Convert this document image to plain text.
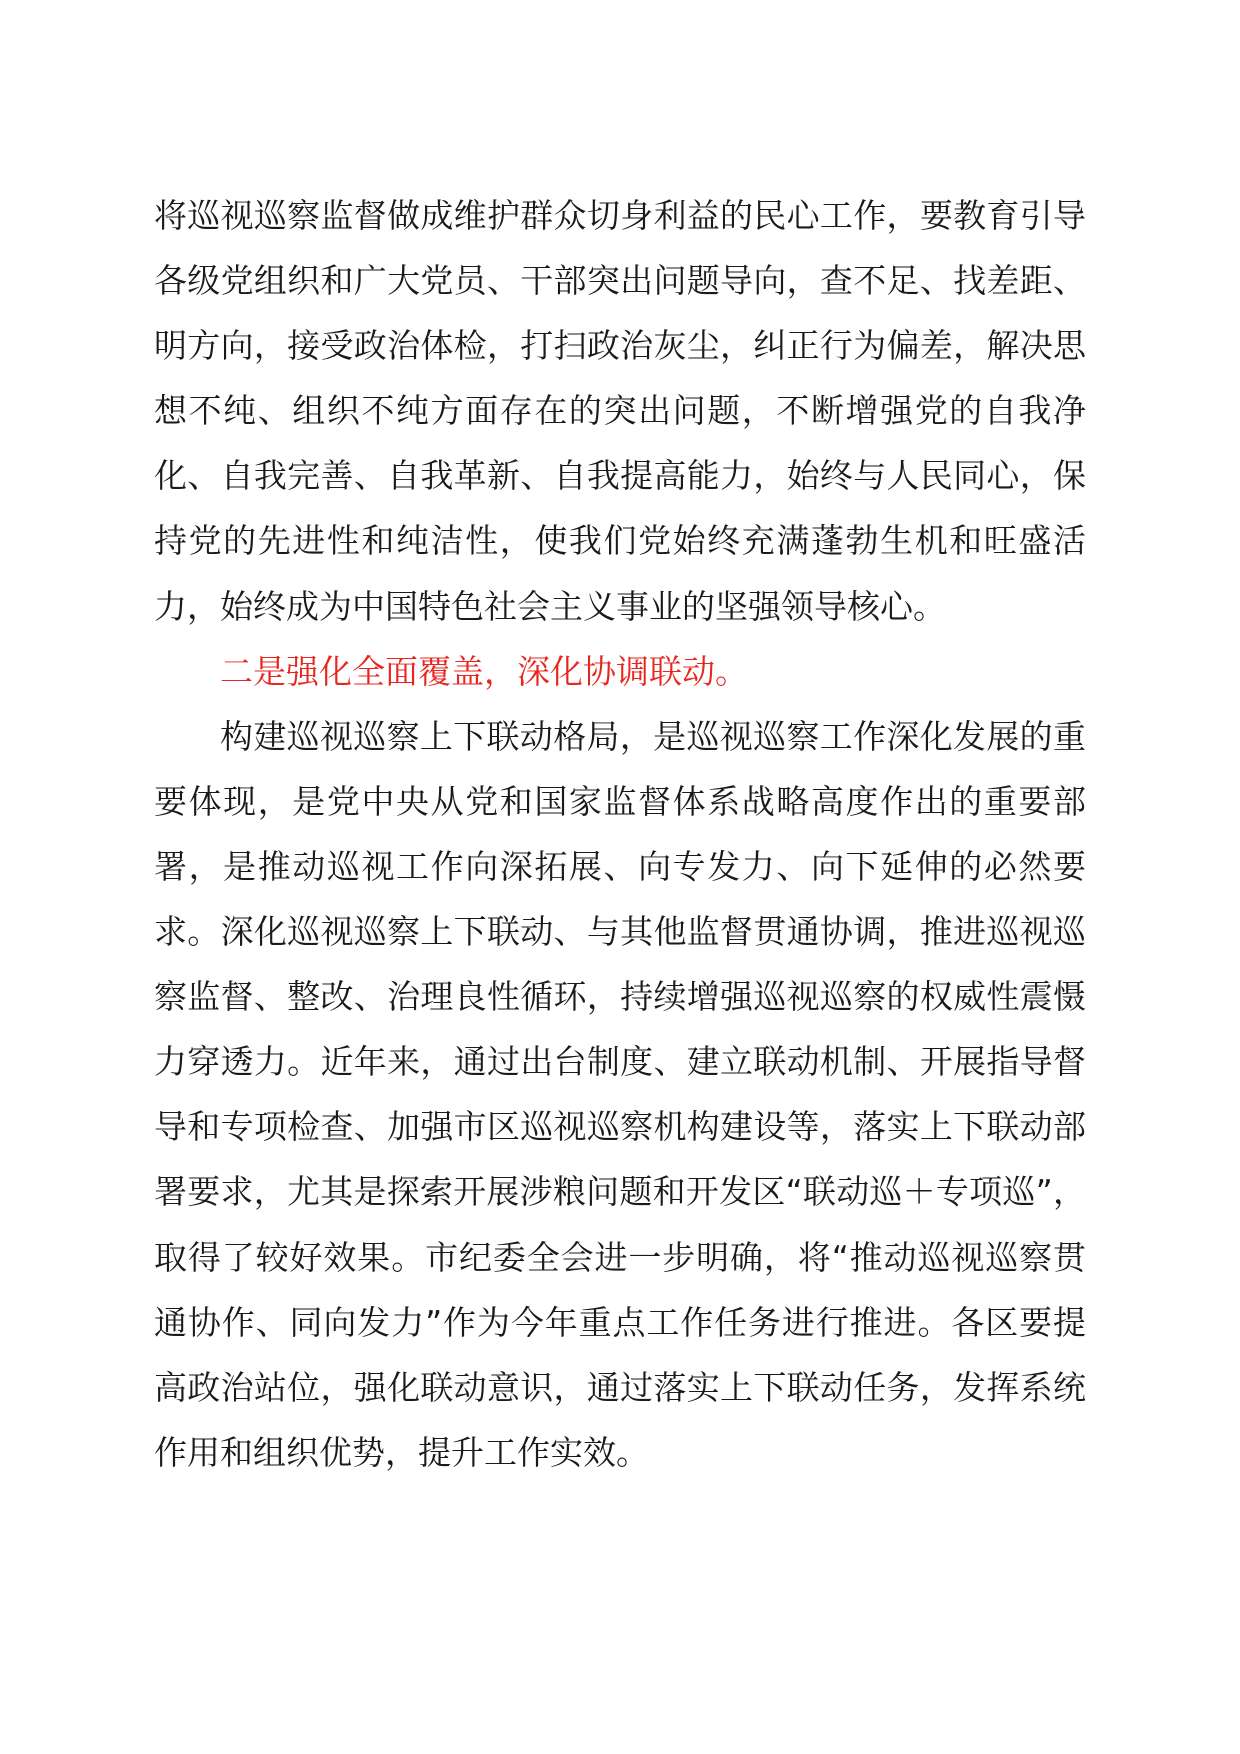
将巡视巡察监督做成维护群众切身利益的民心工作，要教育引导各级党组织和广大党员、干部突出问题导向，查不足、找差距、明方向，接受政治体检，打扫政治灰尘，纠正行为偏差，解决思想不纯、组织不纯方面存在的突出问题，不断增强党的自我净化、自我完善、自我革新、自我提高能力，始终与人民同心，保持党的先进性和纯洁性，使我们党始终充满蓬勃生机和旺盛活力，始终成为中国特色社会主义事业的坚强领导核心。

二是强化全面覆盖，深化协调联动。

构建巡视巡察上下联动格局，是巡视巡察工作深化发展的重要体现，是党中央从党和国家监督体系战略高度作出的重要部署，是推动巡视工作向深拓展、向专发力、向下延伸的必然要求。深化巡视巡察上下联动、与其他监督贯通协调，推进巡视巡察监督、整改、治理良性循环，持续增强巡视巡察的权威性震慑力穿透力。近年来，通过出台制度、建立联动机制、开展指导督导和专项检查、加强市区巡视巡察机构建设等，落实上下联动部署要求，尤其是探索开展涉粮问题和开发区“联动巡＋专项巡”，取得了较好效果。市纪委全会进一步明确，将“推动巡视巡察贯通协作、同向发力”作为今年重点工作任务进行推进。各区要提高政治站位，强化联动意识，通过落实上下联动任务，发挥系统作用和组织优势，提升工作实效。
